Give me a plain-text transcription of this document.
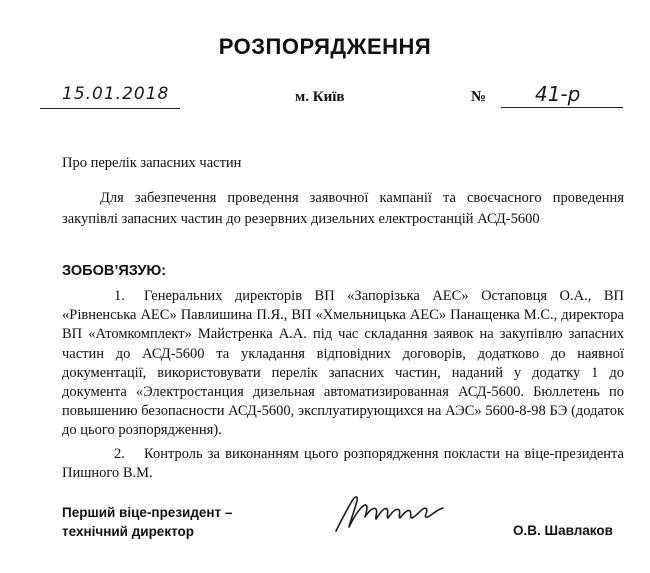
РОЗПОРЯДЖЕННЯ
15.01.2018	м. Київ	№ 41-р
Про перелік запасних частин

Для забезпечення проведення заявочної кампанії та своєчасного проведення закупівлі запасних частин до резервних дизельних електростанцій АСД-5600

ЗОБОВ’ЯЗУЮ:

1. Генеральних директорів ВП «Запорізька АЕС» Остаповця О.А., ВП «Рівненська АЕС» Павлишина П.Я., ВП «Хмельницька АЕС» Панащенка М.С., директора ВП «Атомкомплект» Майстренка А.А. під час складання заявок на закупівлю запасних частин до АСД-5600 та укладання відповідних договорів, додатково до наявної документації, використовувати перелік запасних частин, наданий у додатку 1 до документа «Электростанция дизельная автоматизированная АСД-5600. Бюллетень по повышению безопасности АСД-5600, эксплуатирующихся на АЭС» 5600-8-98 БЭ (додаток до цього розпорядження).

2. Контроль за виконанням цього розпорядження покласти на віце-президента Пишного В.М.

Перший віце-президент –
технічний директор	О.В. Шавлаков
